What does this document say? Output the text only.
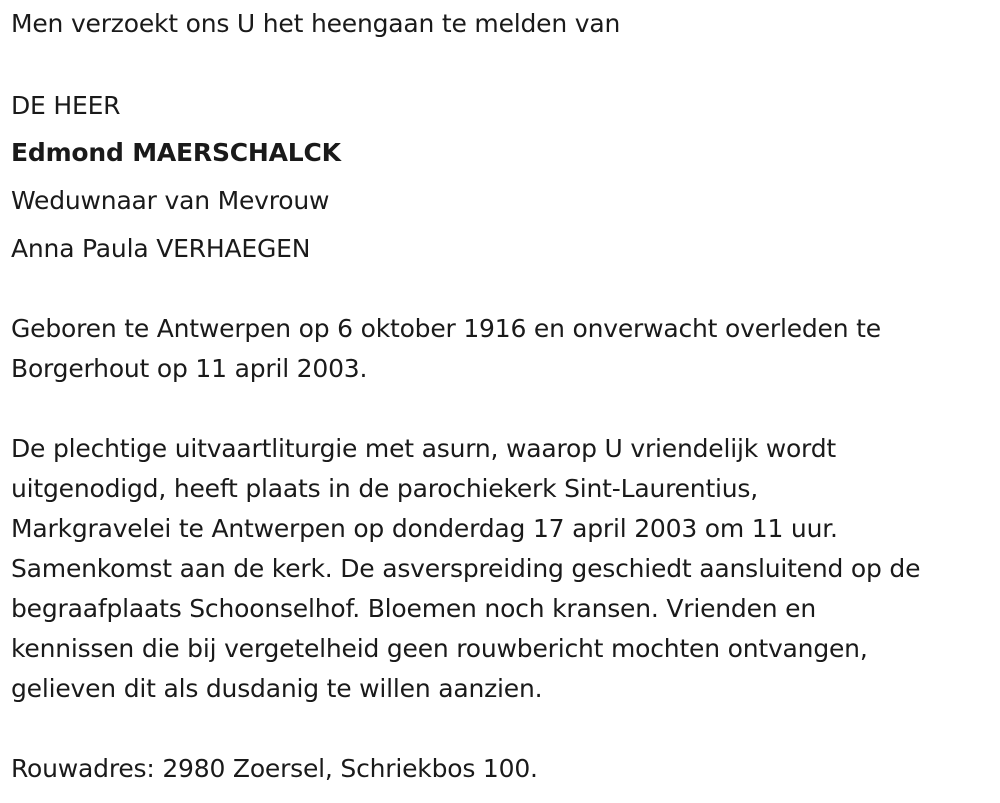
Men verzoekt ons U het heengaan te melden van
DE HEER
Edmond MAERSCHALCK
Weduwnaar van Mevrouw
Anna Paula VERHAEGEN
Geboren te Antwerpen op 6 oktober 1916 en onverwacht overleden te
Borgerhout op 11 april 2003.
De plechtige uitvaartliturgie met asurn, waarop U vriendelijk wordt
uitgenodigd, heeft plaats in de parochiekerk Sint-Laurentius,
Markgravelei te Antwerpen op donderdag 17 april 2003 om 11 uur.
Samenkomst aan de kerk. De asverspreiding geschiedt aansluitend op de
begraafplaats Schoonselhof. Bloemen noch kransen. Vrienden en
kennissen die bij vergetelheid geen rouwbericht mochten ontvangen,
gelieven dit als dusdanig te willen aanzien.
Rouwadres: 2980 Zoersel, Schriekbos 100.
